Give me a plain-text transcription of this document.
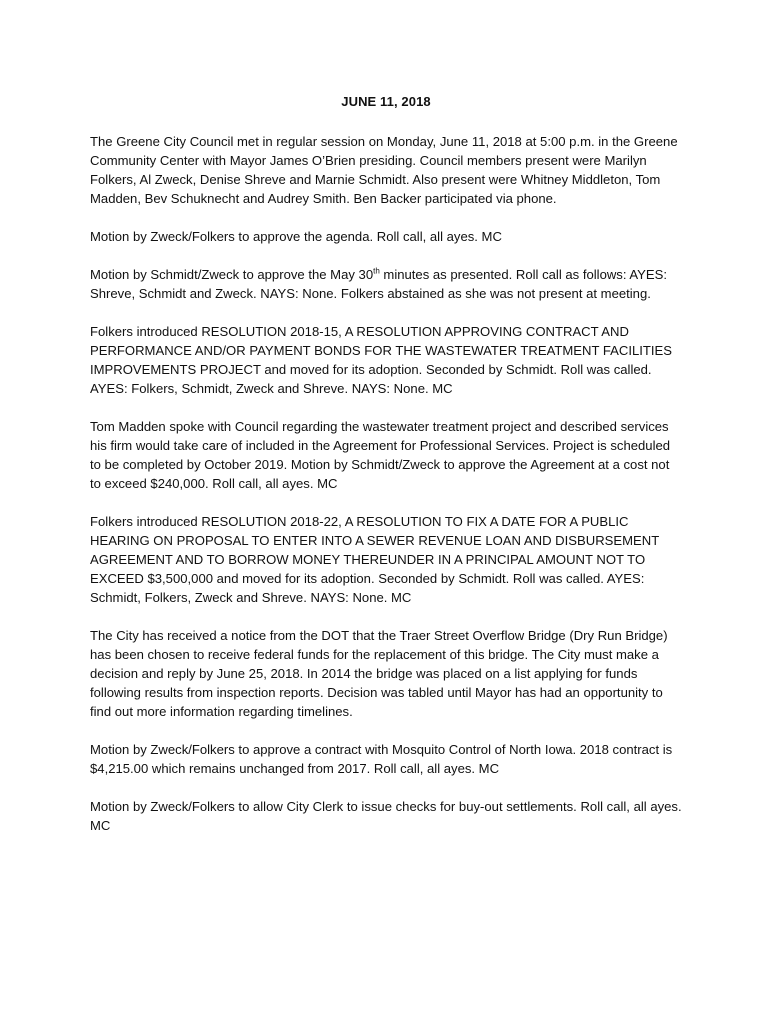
JUNE 11, 2018

The Greene City Council met in regular session on Monday, June 11, 2018 at 5:00 p.m. in the Greene Community Center with Mayor James O’Brien presiding. Council members present were Marilyn Folkers, Al Zweck, Denise Shreve and Marnie Schmidt. Also present were Whitney Middleton, Tom Madden, Bev Schuknecht and Audrey Smith. Ben Backer participated via phone.

Motion by Zweck/Folkers to approve the agenda. Roll call, all ayes. MC

Motion by Schmidt/Zweck to approve the May 30th minutes as presented. Roll call as follows: AYES: Shreve, Schmidt and Zweck. NAYS: None. Folkers abstained as she was not present at meeting.

Folkers introduced RESOLUTION 2018-15, A RESOLUTION APPROVING CONTRACT AND PERFORMANCE AND/OR PAYMENT BONDS FOR THE WASTEWATER TREATMENT FACILITIES IMPROVEMENTS PROJECT and moved for its adoption. Seconded by Schmidt. Roll was called. AYES: Folkers, Schmidt, Zweck and Shreve. NAYS: None. MC

Tom Madden spoke with Council regarding the wastewater treatment project and described services his firm would take care of included in the Agreement for Professional Services. Project is scheduled to be completed by October 2019. Motion by Schmidt/Zweck to approve the Agreement at a cost not to exceed $240,000. Roll call, all ayes. MC

Folkers introduced RESOLUTION 2018-22, A RESOLUTION TO FIX A DATE FOR A PUBLIC HEARING ON PROPOSAL TO ENTER INTO A SEWER REVENUE LOAN AND DISBURSEMENT AGREEMENT AND TO BORROW MONEY THEREUNDER IN A PRINCIPAL AMOUNT NOT TO EXCEED $3,500,000 and moved for its adoption. Seconded by Schmidt. Roll was called. AYES: Schmidt, Folkers, Zweck and Shreve. NAYS: None. MC

The City has received a notice from the DOT that the Traer Street Overflow Bridge (Dry Run Bridge) has been chosen to receive federal funds for the replacement of this bridge. The City must make a decision and reply by June 25, 2018. In 2014 the bridge was placed on a list applying for funds following results from inspection reports. Decision was tabled until Mayor has had an opportunity to find out more information regarding timelines.

Motion by Zweck/Folkers to approve a contract with Mosquito Control of North Iowa. 2018 contract is $4,215.00 which remains unchanged from 2017. Roll call, all ayes. MC

Motion by Zweck/Folkers to allow City Clerk to issue checks for buy-out settlements. Roll call, all ayes. MC
